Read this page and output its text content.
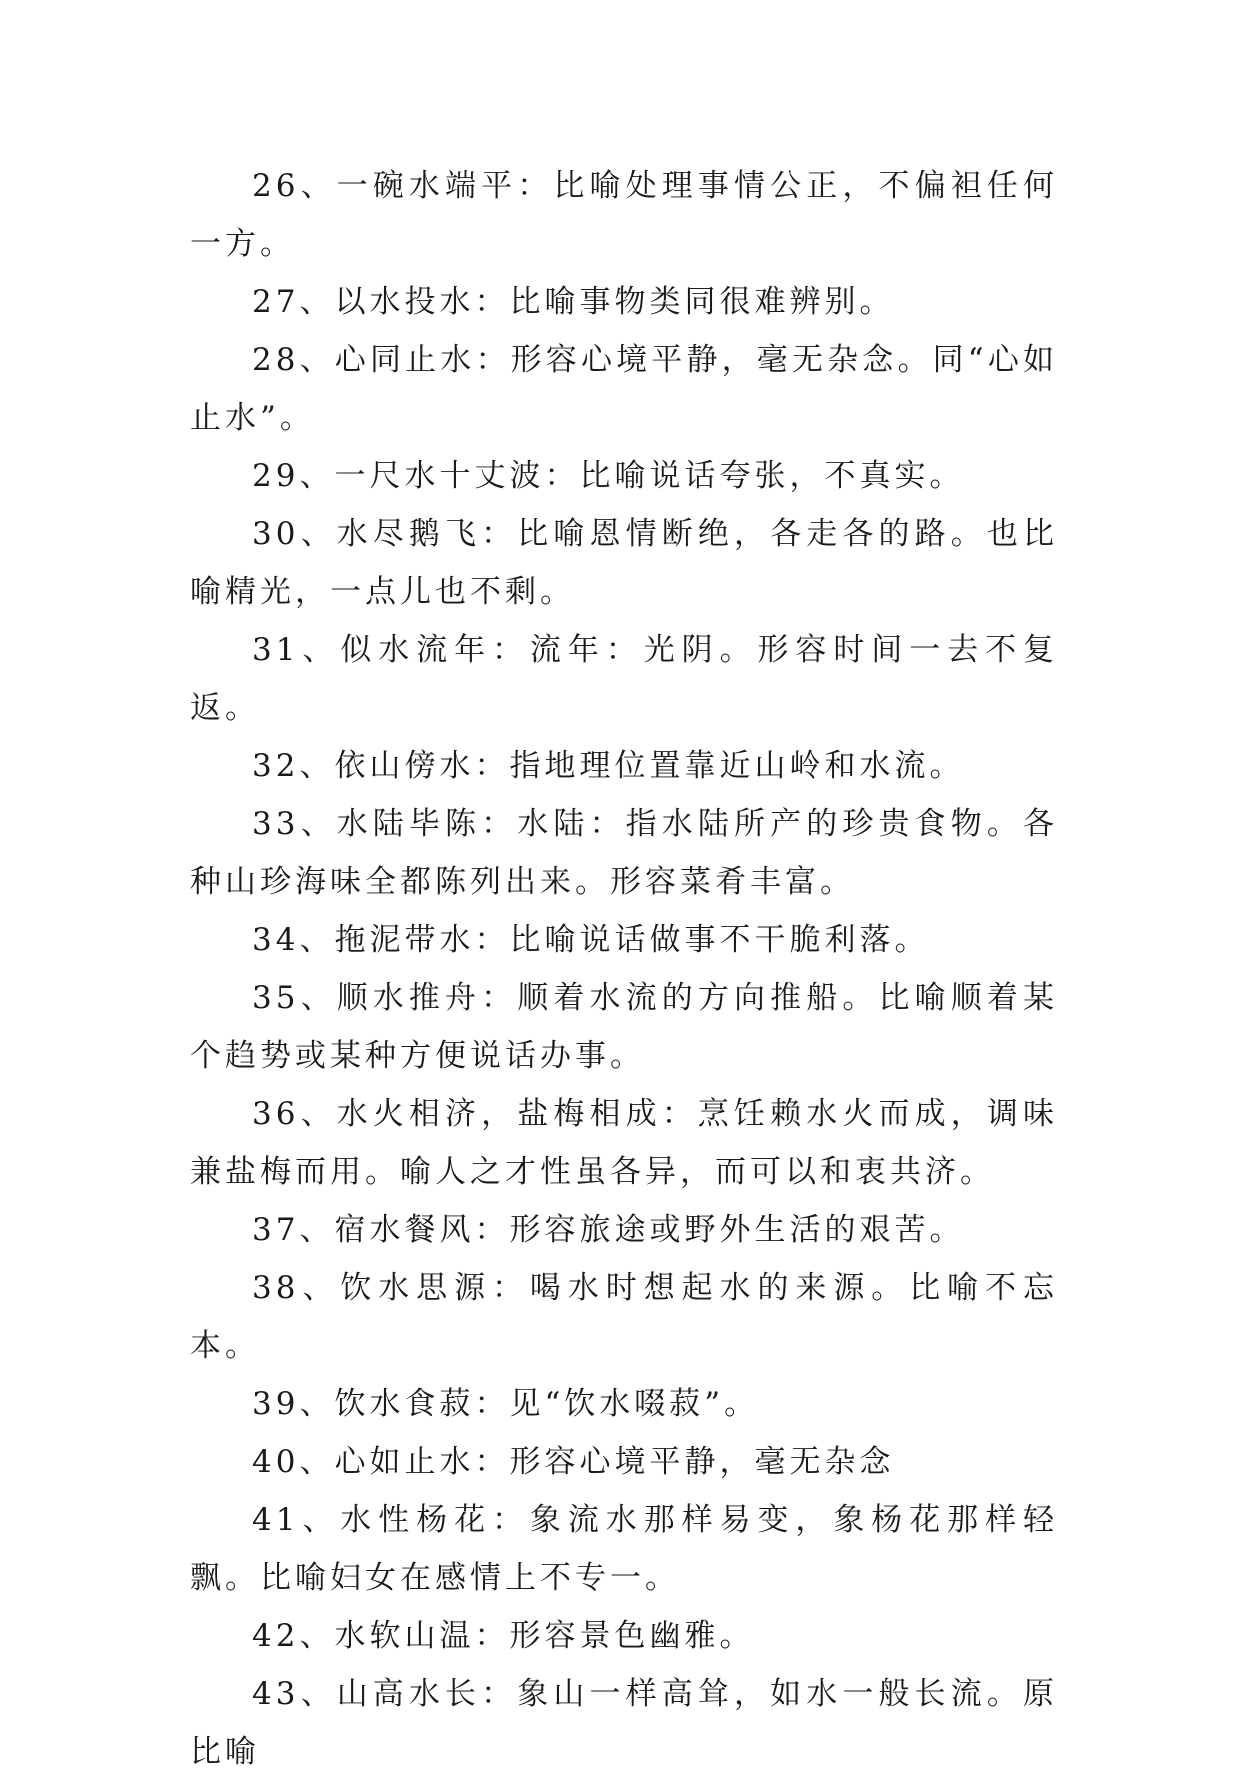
26、一碗水端平：比喻处理事情公正，不偏袒任何一方。

27、以水投水：比喻事物类同很难辨别。

28、心同止水：形容心境平静，毫无杂念。同“心如止水”。

29、一尺水十丈波：比喻说话夸张，不真实。

30、水尽鹅飞：比喻恩情断绝，各走各的路。也比喻精光，一点儿也不剩。

31、似水流年：流年：光阴。形容时间一去不复返。

32、依山傍水：指地理位置靠近山岭和水流。

33、水陆毕陈：水陆：指水陆所产的珍贵食物。各种山珍海味全都陈列出来。形容菜肴丰富。

34、拖泥带水：比喻说话做事不干脆利落。

35、顺水推舟：顺着水流的方向推船。比喻顺着某个趋势或某种方便说话办事。

36、水火相济，盐梅相成：烹饪赖水火而成，调味兼盐梅而用。喻人之才性虽各异，而可以和衷共济。

37、宿水餐风：形容旅途或野外生活的艰苦。

38、饮水思源：喝水时想起水的来源。比喻不忘本。

39、饮水食菽：见“饮水啜菽”。

40、心如止水：形容心境平静，毫无杂念

41、水性杨花：象流水那样易变，象杨花那样轻飘。比喻妇女在感情上不专一。

42、水软山温：形容景色幽雅。

43、山高水长：象山一样高耸，如水一般长流。原比喻
